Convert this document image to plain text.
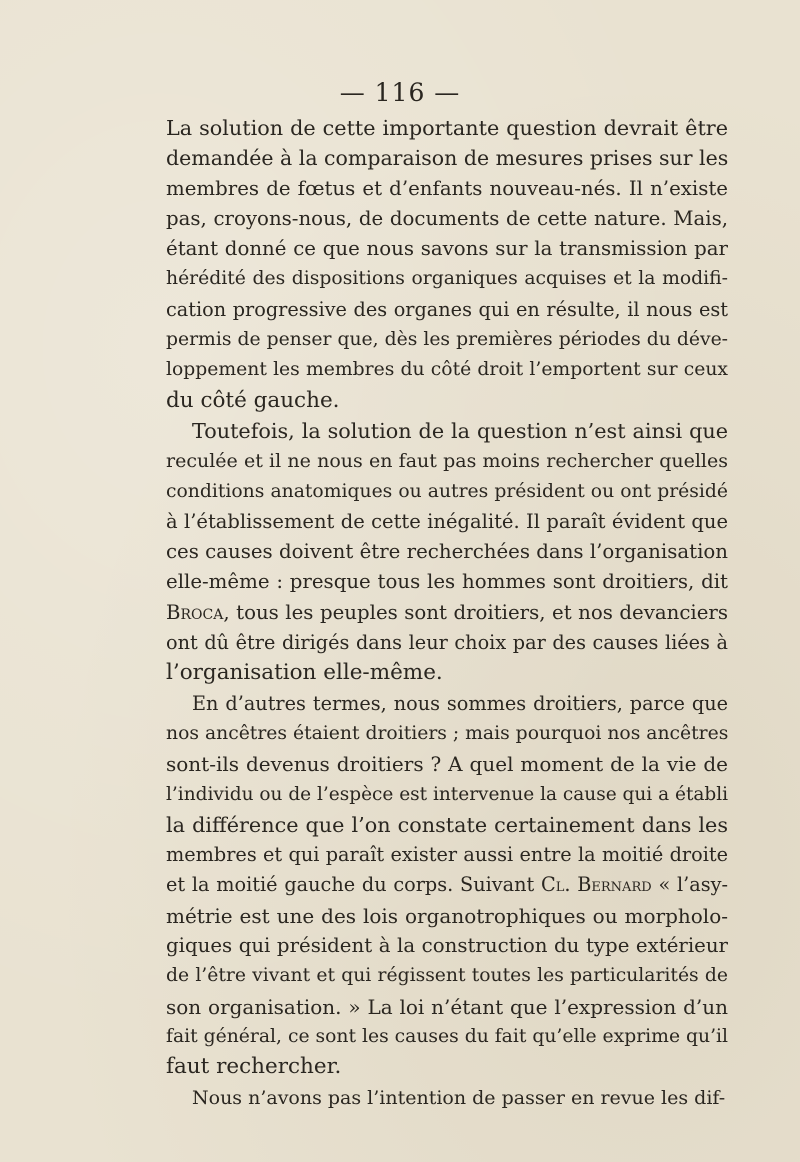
— 116 —
La solution de cette importante question devrait être
demandée à la comparaison de mesures prises sur les
membres de fœtus et d’enfants nouveau-nés. Il n’existe
pas, croyons-nous, de documents de cette nature. Mais,
étant donné ce que nous savons sur la transmission par
hérédité des dispositions organiques acquises et la modifi-
cation progressive des organes qui en résulte, il nous est
permis de penser que, dès les premières périodes du déve-
loppement les membres du côté droit l’emportent sur ceux
du côté gauche.
Toutefois, la solution de la question n’est ainsi que
reculée et il ne nous en faut pas moins rechercher quelles
conditions anatomiques ou autres président ou ont présidé
à l’établissement de cette inégalité. Il paraît évident que
ces causes doivent être recherchées dans l’organisation
elle-même : presque tous les hommes sont droitiers, dit
Broca, tous les peuples sont droitiers, et nos devanciers
ont dû être dirigés dans leur choix par des causes liées à
l’organisation elle-même.
En d’autres termes, nous sommes droitiers, parce que
nos ancêtres étaient droitiers ; mais pourquoi nos ancêtres
sont-ils devenus droitiers ? A quel moment de la vie de
l’individu ou de l’espèce est intervenue la cause qui a établi
la différence que l’on constate certainement dans les
membres et qui paraît exister aussi entre la moitié droite
et la moitié gauche du corps. Suivant Cl. Bernard « l’asy-
métrie est une des lois organotrophiques ou morpholo-
giques qui président à la construction du type extérieur
de l’être vivant et qui régissent toutes les particularités de
son organisation. » La loi n’étant que l’expression d’un
fait général, ce sont les causes du fait qu’elle exprime qu’il
faut rechercher.
Nous n’avons pas l’intention de passer en revue les dif-
